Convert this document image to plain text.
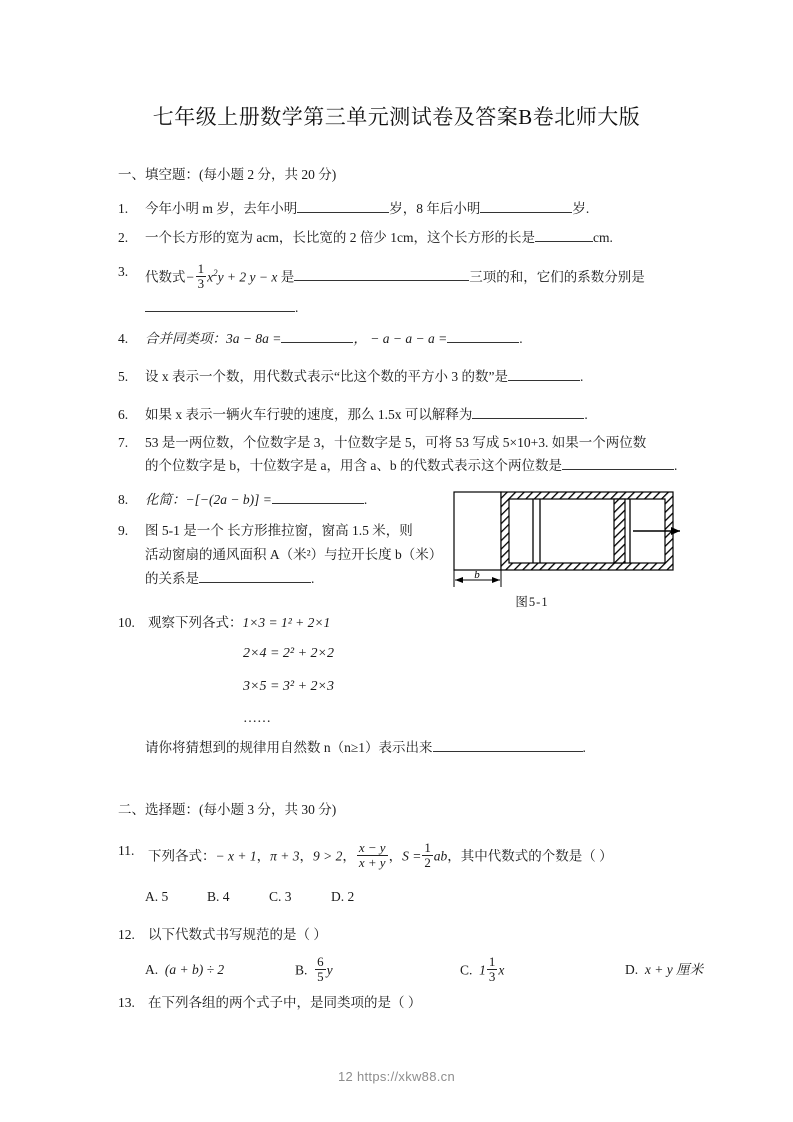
七年级上册数学第三单元测试卷及答案B卷北师大版
一、填空题：(每小题 2 分，共 20 分)
1. 今年小明 m 岁，去年小明	岁，8 年后小明	岁.
2. 一个长方形的宽为 acm，长比宽的 2 倍少 1cm，这个长方形的长是	cm.
3. 代数式− $\frac{1}{3} x^2y + 2$ y − x 是	三项的和，它们的系数分别是
.
4. 合并同类项：3a − 8a =	， − a − a − a =	.
5. 设 x 表示一个数，用代数式表示“比这个数的平方小 3 的数”是	.
6. 如果 x 表示一辆火车行驶的速度，那么 1.5x 可以解释为	.
7. 53 是一两位数，个位数字是 3，十位数字是 5，可将 53 写成 5×10+3. 如果一个两位数
的个位数字是 b，十位数字是 a，用含 a、b 的代数式表示这个两位数是	.
8. 化简：−[−(2a − b)] =	.
9. 图 5-1 是一个 长方形推拉窗，窗高 1.5 米，则
活动窗扇的通风面积 A（米²）与拉开长度 b（米）
的关系是	.	b
图5-1
10. 观察下列各式：1×3 = 1² + 2×1
2×4 = 2² + 2×2
3×5 = 3² + 2×3
……
请你将猜想到的规律用自然数 n（n≥1）表示出来	.
二、选择题：(每小题 3 分，共 30 分)
11. 下列各式：− x + 1，π + 3，9 > 2， $\frac{x - y}{x + y}$ ，$S = \frac{1}{2}$ ab，其中代数式的个数是（ ）
A. 5	B. 4	C. 3	D. 2
12. 以下代数式书写规范的是（ ）
A. (a + b) ÷ 2	B. $\frac{6}{5}$ y	C. $1 \frac{1}{3}$ x	D. x + y 厘米
13. 在下列各组的两个式子中，是同类项的是（ ）
12 https://xkw88.cn
